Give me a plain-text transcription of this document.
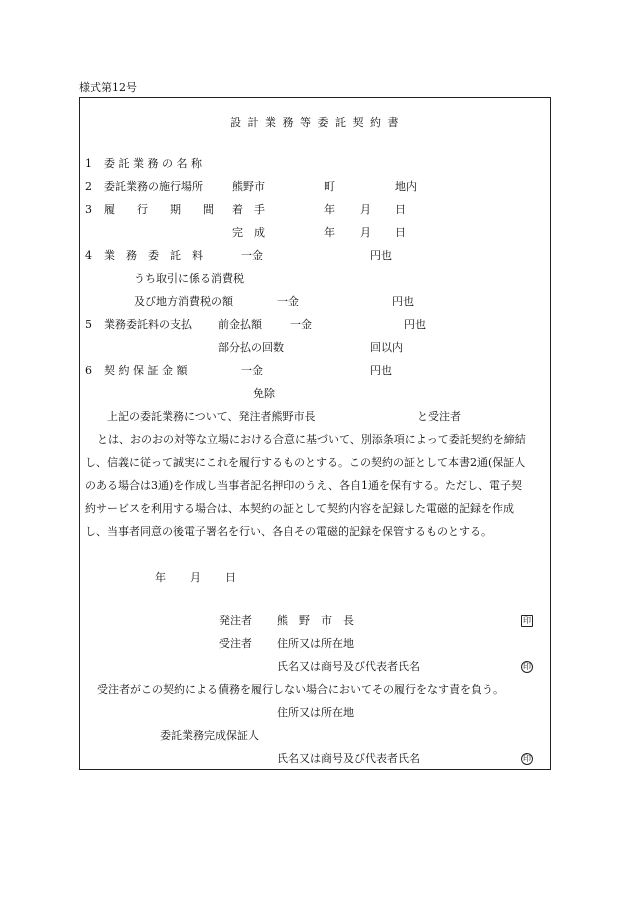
様式第12号
設計業務等委託契約書
1 委 託 業 務 の 名 称
2 委託業務の施行場所	熊野市	町	地内
3 履　　行　　期　　間 着　手	年 月 日
完　成	年 月 日
4 業　務　委　託　料	一金	円也
うち取引に係る消費税
及び地方消費税の額	一金	円也
5 業務委託料の支払 前金払額	一金	円也
部分払の回数	回以内
6 契 約 保 証 金 額	一金	円也
免除
上記の委託業務について、発注者熊野市長	と受注者
とは、おのおの対等な立場における合意に基づいて、別添条項によって委託契約を締結
し、信義に従って誠実にこれを履行するものとする。この契約の証として本書2通(保証人
のある場合は3通)を作成し当事者記名押印のうえ、各自1通を保有する。ただし、電子契
約サービスを利用する場合は、本契約の証として契約内容を記録した電磁的記録を作成
し、当事者同意の後電子署名を行い、各自その電磁的記録を保管するものとする。
年 月 日
発注者 熊　野　市　長	印
受注者 住所又は所在地
氏名又は商号及び代表者氏名	印
受注者がこの契約による債務を履行しない場合においてその履行をなす責を負う。
住所又は所在地
委託業務完成保証人
氏名又は商号及び代表者氏名	印
